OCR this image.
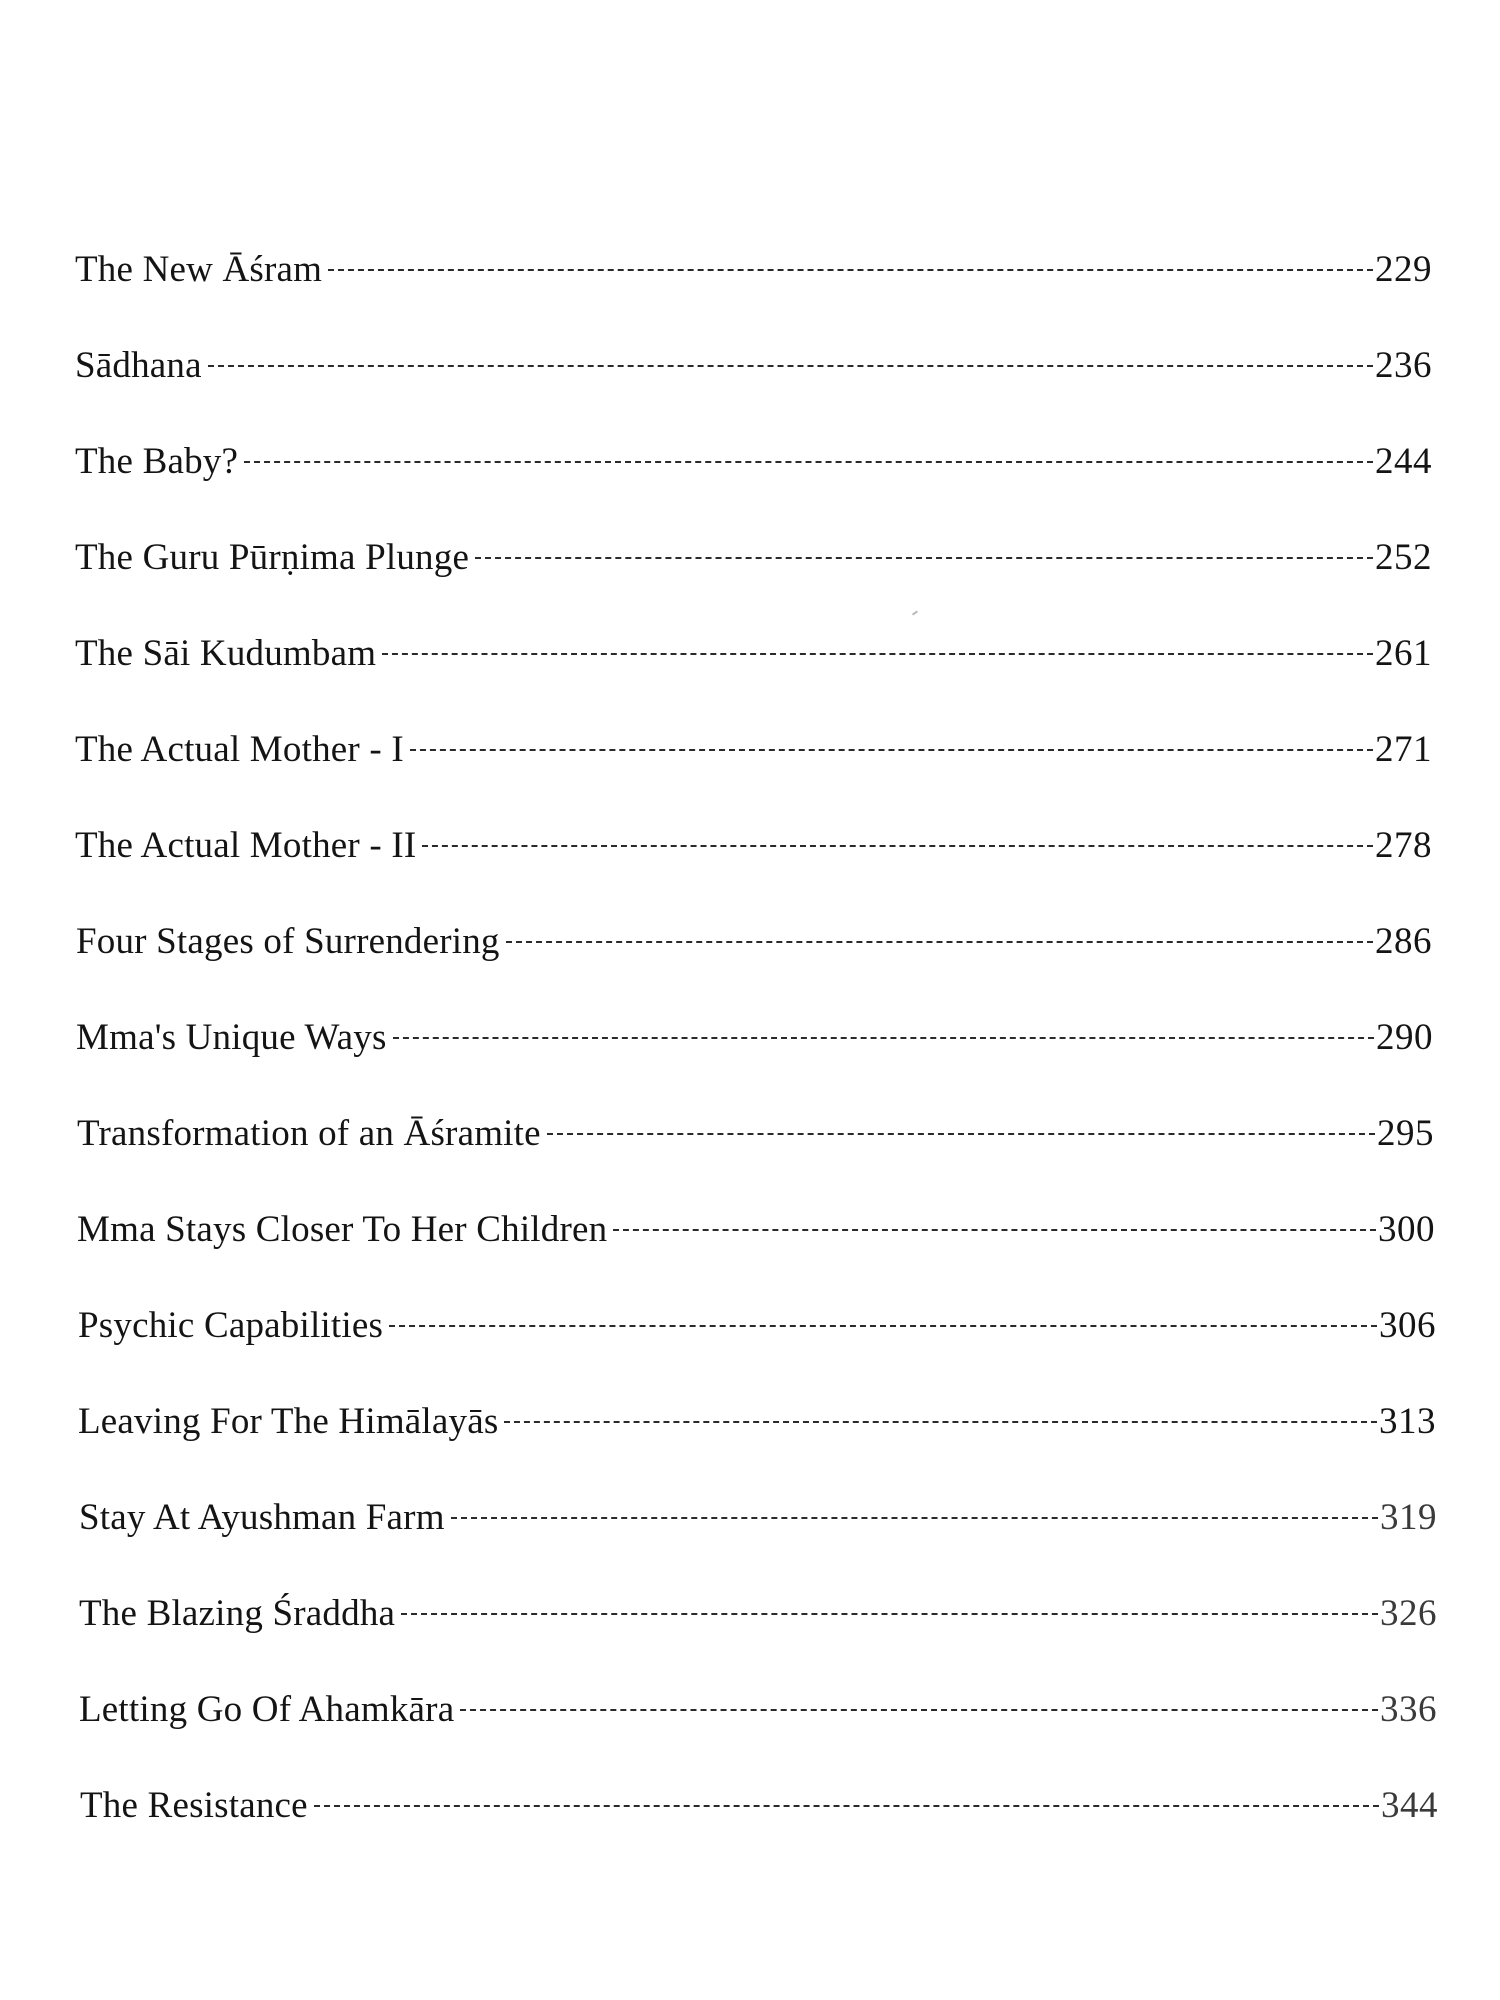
The New Āśram	229
Sādhana	236
The Baby?	244
The Guru Pūrṇima Plunge	252
The Sāi Kudumbam	261
The Actual Mother - I	271
The Actual Mother - II	278
Four Stages of Surrendering	286
Mma's Unique Ways	290
Transformation of an Āśramite	295
Mma Stays Closer To Her Children	300
Psychic Capabilities	306
Leaving For The Himālayās	313
Stay At Ayushman Farm	319
The Blazing Śraddha	326
Letting Go Of Ahamkāra	336
The Resistance	344
